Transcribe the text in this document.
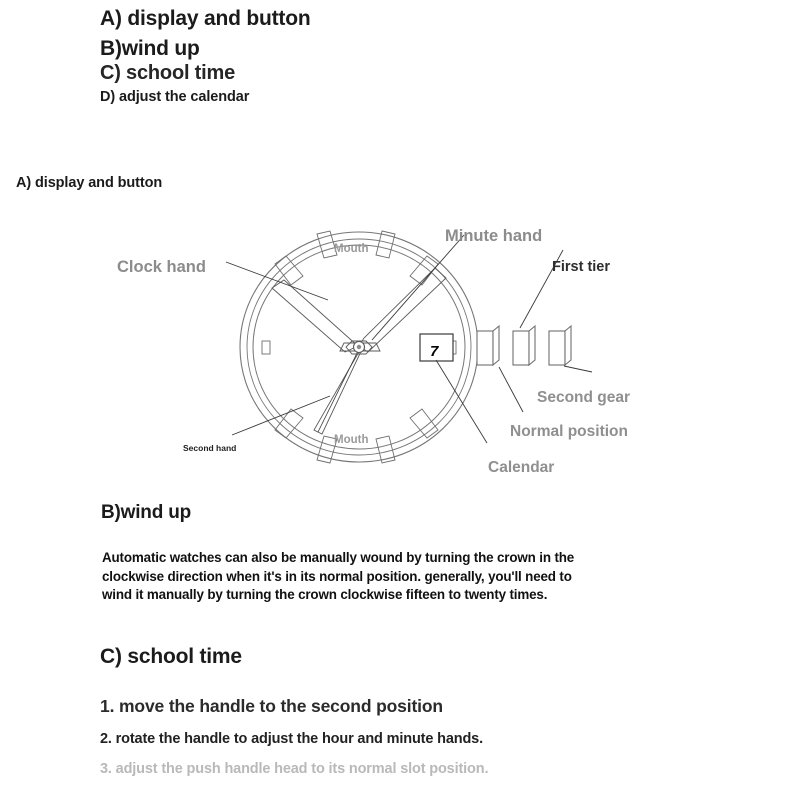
A) display and button
B)wind up
C) school time
D) adjust the calendar
A) display and button
7
Mouth
Mouth
Clock hand
Minute hand
Second hand
First tier
Second gear
Normal position
Calendar
B)wind up

Automatic watches can also be manually wound by turning the crown in the

clockwise direction when it's in its normal position. generally, you'll need to

wind it manually by turning the crown clockwise fifteen to twenty times.

C) school time
1. move the handle to the second position
2. rotate the handle to adjust the hour and minute hands.
3. adjust the push handle head to its normal slot position.
